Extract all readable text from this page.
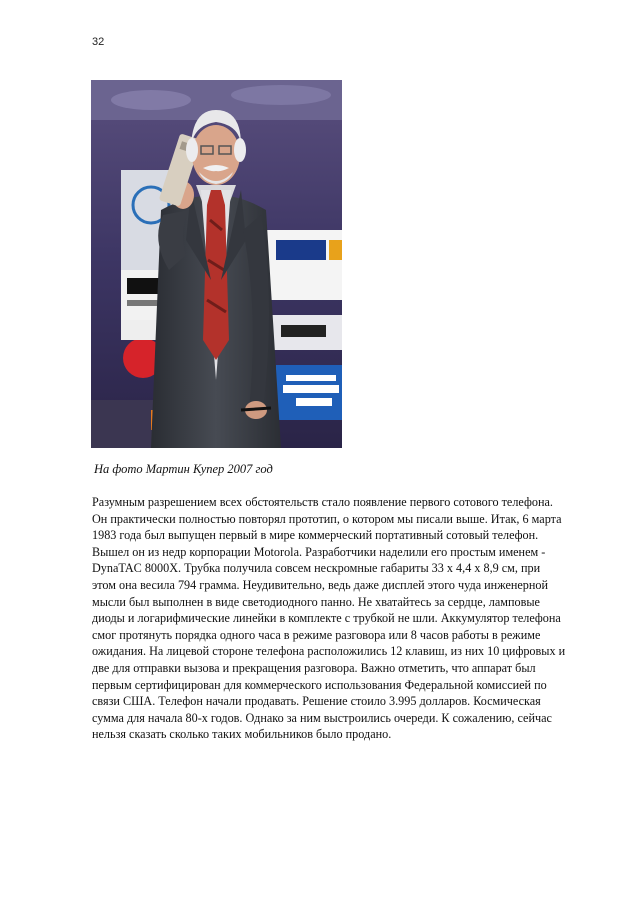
32
На фото Мартин Купер 2007 год
Разумным разрешением всех обстоятельств стало появление первого сотового телефона.
Он практически полностью повторял прототип, о котором мы писали выше. Итак, 6 марта
1983 года был выпущен первый в мире коммерческий портативный сотовый телефон.
Вышел он из недр корпорации Motorola. Разработчики наделили его простым именем -
DynaTAC 8000X. Трубка получила совсем нескромные габариты 33 х 4,4 х 8,9 см, при
этом она весила 794 грамма. Неудивительно, ведь даже дисплей этого чуда инженерной
мысли был выполнен в виде светодиодного панно. Не хватайтесь за сердце, ламповые
диоды и логарифмические линейки в комплекте с трубкой не шли. Аккумулятор телефона
смог протянуть порядка одного часа в режиме разговора или 8 часов работы в режиме
ожидания. На лицевой стороне телефона расположились 12 клавиш, из них 10 цифровых и
две для отправки вызова и прекращения разговора. Важно отметить, что аппарат был
первым сертифицирован для коммерческого использования Федеральной комиссией по
связи США. Телефон начали продавать. Решение стоило 3.995 долларов. Космическая
сумма для начала 80-х годов. Однако за ним выстроились очереди. К сожалению, сейчас
нельзя сказать сколько таких мобильников было продано.
